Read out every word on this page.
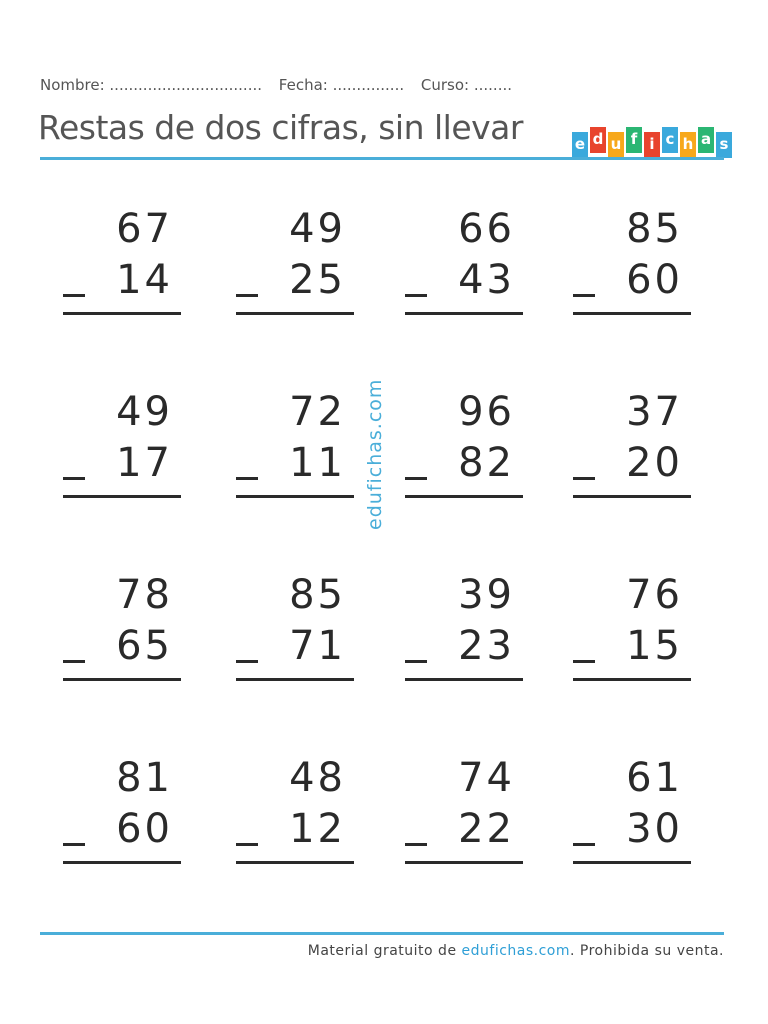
Nombre: ................................ Fecha: ............... Curso: ........
Restas de dos cifras, sin llevar	e d u f i c h a s
67
14
49
25
66
43
85
60
49
17
72
11
96
82
37
20
78
65
85
71
39
23
76
15
81
60
48
12
74
22
61
30
edufichas.com
Material gratuito de edufichas.com. Prohibida su venta.
